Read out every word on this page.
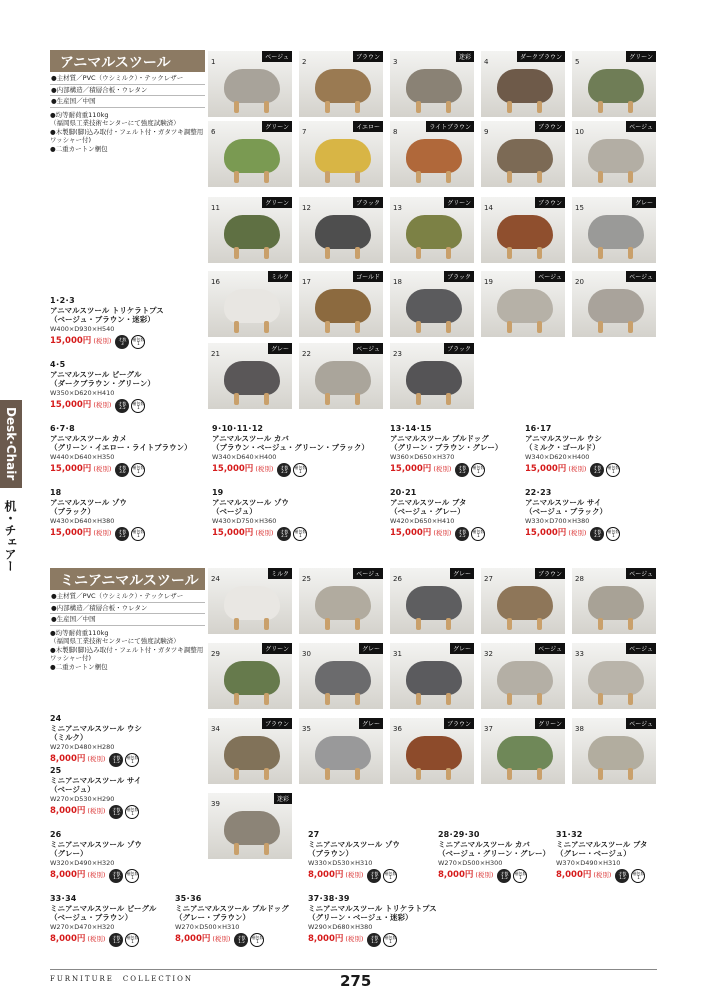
Desk·Chair
机・チェアー
アニマルスツール
●主材質／PVC（ウシミルク）・テックレザー
●内部構造／積層合板・ウレタン
●生産国／中国
●均等耐荷重110kg
（福岡県工業技術センターにて強度試験済）
●木製脚(脚)込み取付・フェルト付・ガタツキ調整用
ワッシャー付)
●二重カートン梱包
ミニアニマルスツール
●主材質／PVC（ウシミルク）・テックレザー
●内部構造／積層合板・ウレタン
●生産国／中国
●均等耐荷重110kg
（福岡県工業技術センターにて強度試験済）
●木製脚(脚)込み取付・フェルト付・ガタツキ調整用
ワッシャー付)
●二重カートン梱包
1
ベージュ
2
ブラウン
3
迷彩
4
ダークブラウン
5
グリーン
6
グリーン
7
イエロー
8
ライトブラウン
9
ブラウン
10
ベージュ
11
グリーン
12
ブラック
13
グリーン
14
ブラウン
15
グレー
16
ミルク
17
ゴールド
18
ブラック
19
ベージュ
20
ベージュ
21
グレー
22
ベージュ
23
ブラック
24
ミルク
25
ベージュ
26
グレー
27
ブラウン
28
ベージュ
29
グリーン
30
グレー
31
グレー
32
ベージュ
33
ベージュ
34
ブラウン
35
グレー
36
ブラウン
37
グリーン
38
ベージュ
39
迷彩
1･2･3
アニマルスツール トリケラトプス
（ベージュ・ブラウン・迷彩）
W400×D930×H540
15,000円 (税別) 才数
3
梱包数
1
4･5
アニマルスツール ビーグル
（ダークブラウン・グリーン）
W350×D620×H410
15,000円 (税別) 才数
2.5
梱包数
1
6･7･8
アニマルスツール カメ
（グリーン・イエロー・ライトブラウン）
W440×D640×H350
15,000円 (税別) 才数
3.6
梱包数
1
18
アニマルスツール ゾウ
（ブラック）
W430×D640×H380
15,000円 (税別) 才数
2.5
梱包数
1
9･10･11･12
アニマルスツール カバ
（ブラウン・ベージュ・グリーン・ブラック）
W340×D640×H400
15,000円 (税別) 才数
2.5
梱包数
1
19
アニマルスツール ゾウ
（ベージュ）
W430×D750×H360
15,000円 (税別) 才数
2.5
梱包数
1
13･14･15
アニマルスツール ブルドッグ
（グリーン・ブラウン・グレー）
W360×D650×H370
15,000円 (税別) 才数
2.5
梱包数
1
20･21
アニマルスツール ブタ
（ベージュ・グレー）
W420×D650×H410
15,000円 (税別) 才数
2.5
梱包数
1
16･17
アニマルスツール ウシ
（ミルク・ゴールド）
W340×D620×H400
15,000円 (税別) 才数
2.5
梱包数
1
22･23
アニマルスツール サイ
（ベージュ・ブラック）
W330×D700×H380
15,000円 (税別) 才数
2.5
梱包数
1
24
ミニアニマルスツール ウシ
（ミルク）
W270×D480×H280
8,000円 (税別) 才数
1.5
梱包数
1
25
ミニアニマルスツール サイ
（ベージュ）
W270×D530×H290
8,000円 (税別) 才数
1.5
梱包数
1
26
ミニアニマルスツール ゾウ
（グレー）
W320×D490×H320
8,000円 (税別) 才数
1.5
梱包数
1
33･34
ミニアニマルスツール ビーグル
（ベージュ・ブラウン）
W270×D470×H320
8,000円 (税別) 才数
1.5
梱包数
1
35･36
ミニアニマルスツール ブルドッグ
（グレー・ブラウン）
W270×D500×H310
8,000円 (税別) 才数
1.5
梱包数
1
27
ミニアニマルスツール ゾウ
（ブラウン）
W330×D530×H310
8,000円 (税別) 才数
1.5
梱包数
1
37･38･39
ミニアニマルスツール トリケラトプス
（グリーン・ベージュ・迷彩）
W290×D680×H380
8,000円 (税別) 才数
1.5
梱包数
1
28･29･30
ミニアニマルスツール カバ
（ベージュ・グリーン・グレー）
W270×D500×H300
8,000円 (税別) 才数
1.5
梱包数
1
31･32
ミニアニマルスツール ブタ
（グレー・ベージュ）
W370×D490×H310
8,000円 (税別) 才数
1.5
梱包数
1
FURNITURE　COLLECTION	275
